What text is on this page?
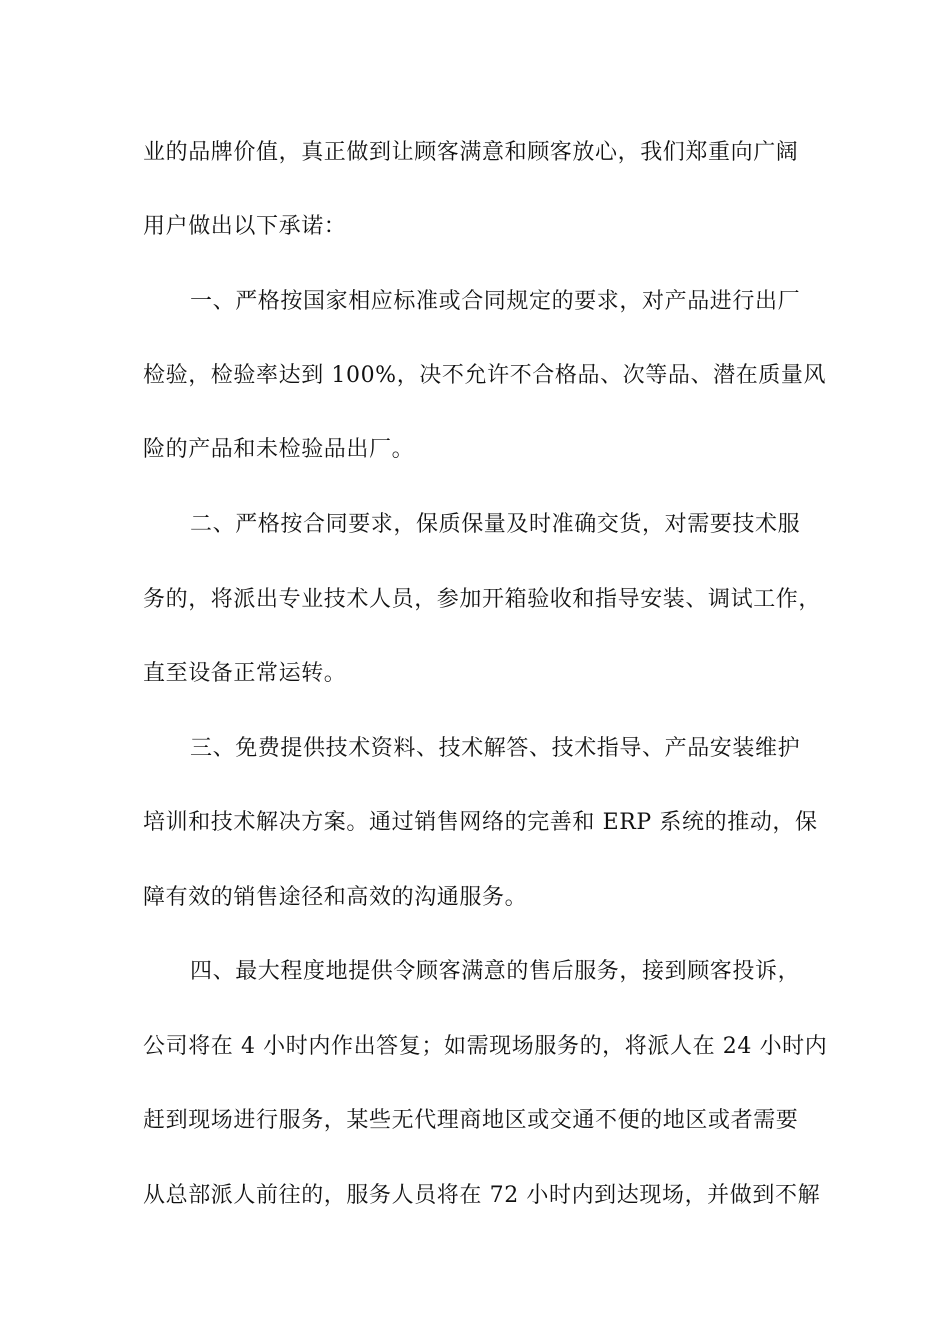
业的品牌价值，真正做到让顾客满意和顾客放心，我们郑重向广阔
用户做出以下承诺：
一、严格按国家相应标准或合同规定的要求，对产品进行出厂
检验，检验率达到 100%，决不允许不合格品、次等品、潜在质量风
险的产品和未检验品出厂。
二、严格按合同要求，保质保量及时准确交货，对需要技术服
务的，将派出专业技术人员，参加开箱验收和指导安装、调试工作，
直至设备正常运转。
三、免费提供技术资料、技术解答、技术指导、产品安装维护
培训和技术解决方案。通过销售网络的完善和 ERP 系统的推动，保
障有效的销售途径和高效的沟通服务。
四、最大程度地提供令顾客满意的售后服务，接到顾客投诉，
公司将在 4 小时内作出答复；如需现场服务的，将派人在 24 小时内
赶到现场进行服务，某些无代理商地区或交通不便的地区或者需要
从总部派人前往的，服务人员将在 72 小时内到达现场，并做到不解
